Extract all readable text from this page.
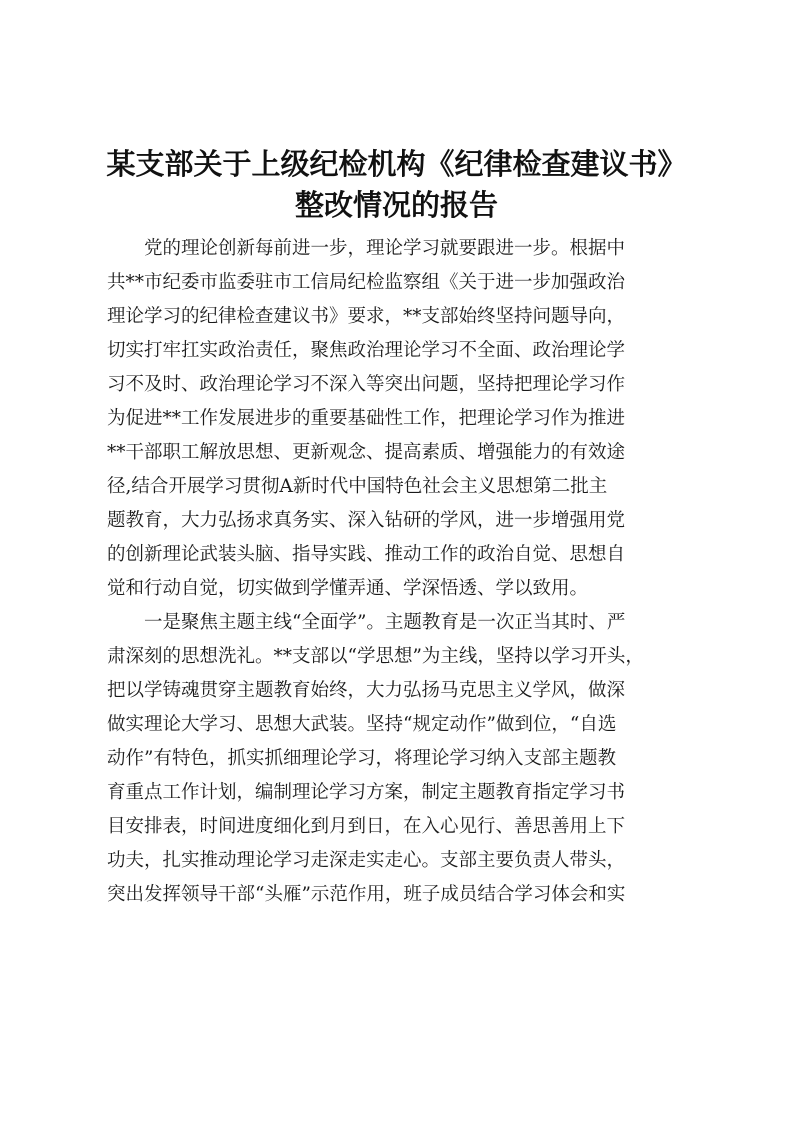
某支部关于上级纪检机构《纪律检查建议书》
整改情况的报告
党的理论创新每前进一步，理论学习就要跟进一步。根据中
共**市纪委市监委驻市工信局纪检监察组《关于进一步加强政治
理论学习的纪律检查建议书》要求，**支部始终坚持问题导向，
切实打牢扛实政治责任，聚焦政治理论学习不全面、政治理论学
习不及时、政治理论学习不深入等突出问题，坚持把理论学习作
为促进**工作发展进步的重要基础性工作，把理论学习作为推进
**干部职工解放思想、更新观念、提高素质、增强能力的有效途
径,结合开展学习贯彻A新时代中国特色社会主义思想第二批主
题教育，大力弘扬求真务实、深入钻研的学风，进一步增强用党
的创新理论武装头脑、指导实践、推动工作的政治自觉、思想自
觉和行动自觉，切实做到学懂弄通、学深悟透、学以致用。
一是聚焦主题主线“全面学”。主题教育是一次正当其时、严
肃深刻的思想洗礼。**支部以“学思想”为主线，坚持以学习开头，
把以学铸魂贯穿主题教育始终，大力弘扬马克思主义学风，做深
做实理论大学习、思想大武装。坚持“规定动作”做到位，“自选
动作”有特色，抓实抓细理论学习，将理论学习纳入支部主题教
育重点工作计划，编制理论学习方案，制定主题教育指定学习书
目安排表，时间进度细化到月到日，在入心见行、善思善用上下
功夫，扎实推动理论学习走深走实走心。支部主要负责人带头，
突出发挥领导干部“头雁”示范作用，班子成员结合学习体会和实
